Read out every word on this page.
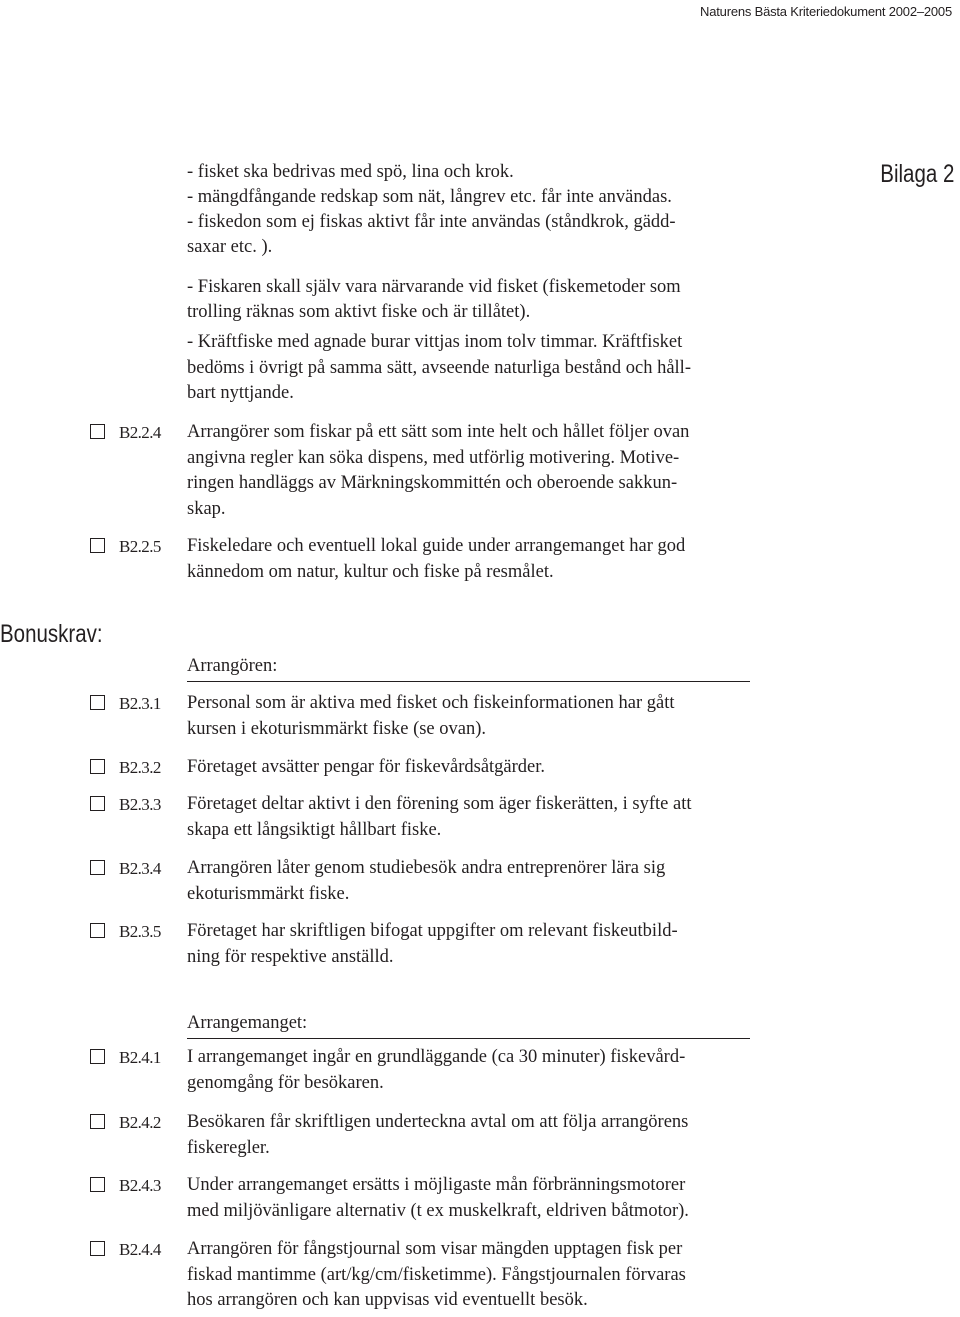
Naturens Bästa Kriteriedokument 2002–2005
Bilaga 2
- fisket ska bedrivas med spö, lina och krok.
- mängdfångande redskap som nät, långrev etc. får inte användas.
- fiskedon som ej fiskas aktivt får inte användas (ståndkrok, gädd-
saxar etc. ).
- Fiskaren skall själv vara närvarande vid fisket (fiskemetoder som
trolling räknas som aktivt fiske och är tillåtet).
- Kräftfiske med agnade burar vittjas inom tolv timmar. Kräftfisket
bedöms i övrigt på samma sätt, avseende naturliga bestånd och håll-
bart nyttjande.
B2.2.4 Arrangörer som fiskar på ett sätt som inte helt och hållet följer ovan
angivna regler kan söka dispens, med utförlig motivering. Motive-
ringen handläggs av Märkningskommittén och oberoende sakkun-
skap.
B2.2.5 Fiskeledare och eventuell lokal guide under arrangemanget har god
kännedom om natur, kultur och fiske på resmålet.
Bonuskrav:
Arrangören:
B2.3.1 Personal som är aktiva med fisket och fiskeinformationen har gått
kursen i ekoturismmärkt fiske (se ovan).
B2.3.2 Företaget avsätter pengar för fiskevårdsåtgärder.
B2.3.3 Företaget deltar aktivt i den förening som äger fiskerätten, i syfte att
skapa ett långsiktigt hållbart fiske.
B2.3.4 Arrangören låter genom studiebesök andra entreprenörer lära sig
ekoturismmärkt fiske.
B2.3.5 Företaget har skriftligen bifogat uppgifter om relevant fiskeutbild-
ning för respektive anställd.
Arrangemanget:
B2.4.1 I arrangemanget ingår en grundläggande (ca 30 minuter) fiskevård-
genomgång för besökaren.
B2.4.2 Besökaren får skriftligen underteckna avtal om att följa arrangörens
fiskeregler.
B2.4.3 Under arrangemanget ersätts i möjligaste mån förbränningsmotorer
med miljövänligare alternativ (t ex muskelkraft, eldriven båtmotor).
B2.4.4 Arrangören för fångstjournal som visar mängden upptagen fisk per
fiskad mantimme (art/kg/cm/fisketimme). Fångstjournalen förvaras
hos arrangören och kan uppvisas vid eventuellt besök.
